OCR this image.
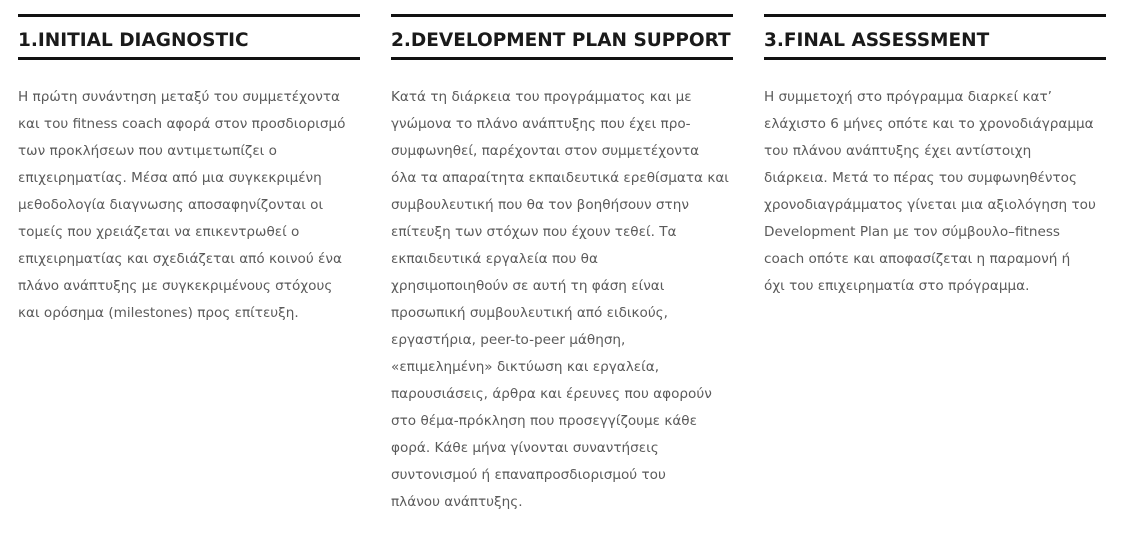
1.INITIAL DIAGNOSTIC
Η πρώτη συνάντηση μεταξύ του συμμετέχοντα
και του fitness coach αφορά στον προσδιορισμό
των προκλήσεων που αντιμετωπίζει ο
επιχειρηματίας. Μέσα από μια συγκεκριμένη
μεθοδολογία διαγνωσης αποσαφηνίζονται οι
τομείς που χρειάζεται να επικεντρωθεί ο
επιχειρηματίας και σχεδιάζεται από κοινού ένα
πλάνο ανάπτυξης με συγκεκριμένους στόχους
και ορόσημα (milestones) προς επίτευξη.
2.DEVELOPMENT PLAN SUPPORT
Κατά τη διάρκεια του προγράμματος και με
γνώμονα το πλάνο ανάπτυξης που έχει προ-
συμφωνηθεί, παρέχονται στον συμμετέχοντα
όλα τα απαραίτητα εκπαιδευτικά ερεθίσματα και
συμβουλευτική που θα τον βοηθήσουν στην
επίτευξη των στόχων που έχουν τεθεί. Τα
εκπαιδευτικά εργαλεία που θα
χρησιμοποιηθούν σε αυτή τη φάση είναι
προσωπική συμβουλευτική από ειδικούς,
εργαστήρια, peer-to-peer μάθηση,
«επιμελημένη» δικτύωση και εργαλεία,
παρουσιάσεις, άρθρα και έρευνες που αφορούν
στο θέμα-πρόκληση που προσεγγίζουμε κάθε
φορά. Κάθε μήνα γίνονται συναντήσεις
συντονισμού ή επαναπροσδιορισμού του
πλάνου ανάπτυξης.
3.FINAL ASSESSMENT
Η συμμετοχή στο πρόγραμμα διαρκεί κατ’
ελάχιστο 6 μήνες οπότε και το χρονοδιάγραμμα
του πλάνου ανάπτυξης έχει αντίστοιχη
διάρκεια. Μετά το πέρας του συμφωνηθέντος
χρονοδιαγράμματος γίνεται μια αξιολόγηση του
Development Plan με τον σύμβουλο–fitness
coach οπότε και αποφασίζεται η παραμονή ή
όχι του επιχειρηματία στο πρόγραμμα.
